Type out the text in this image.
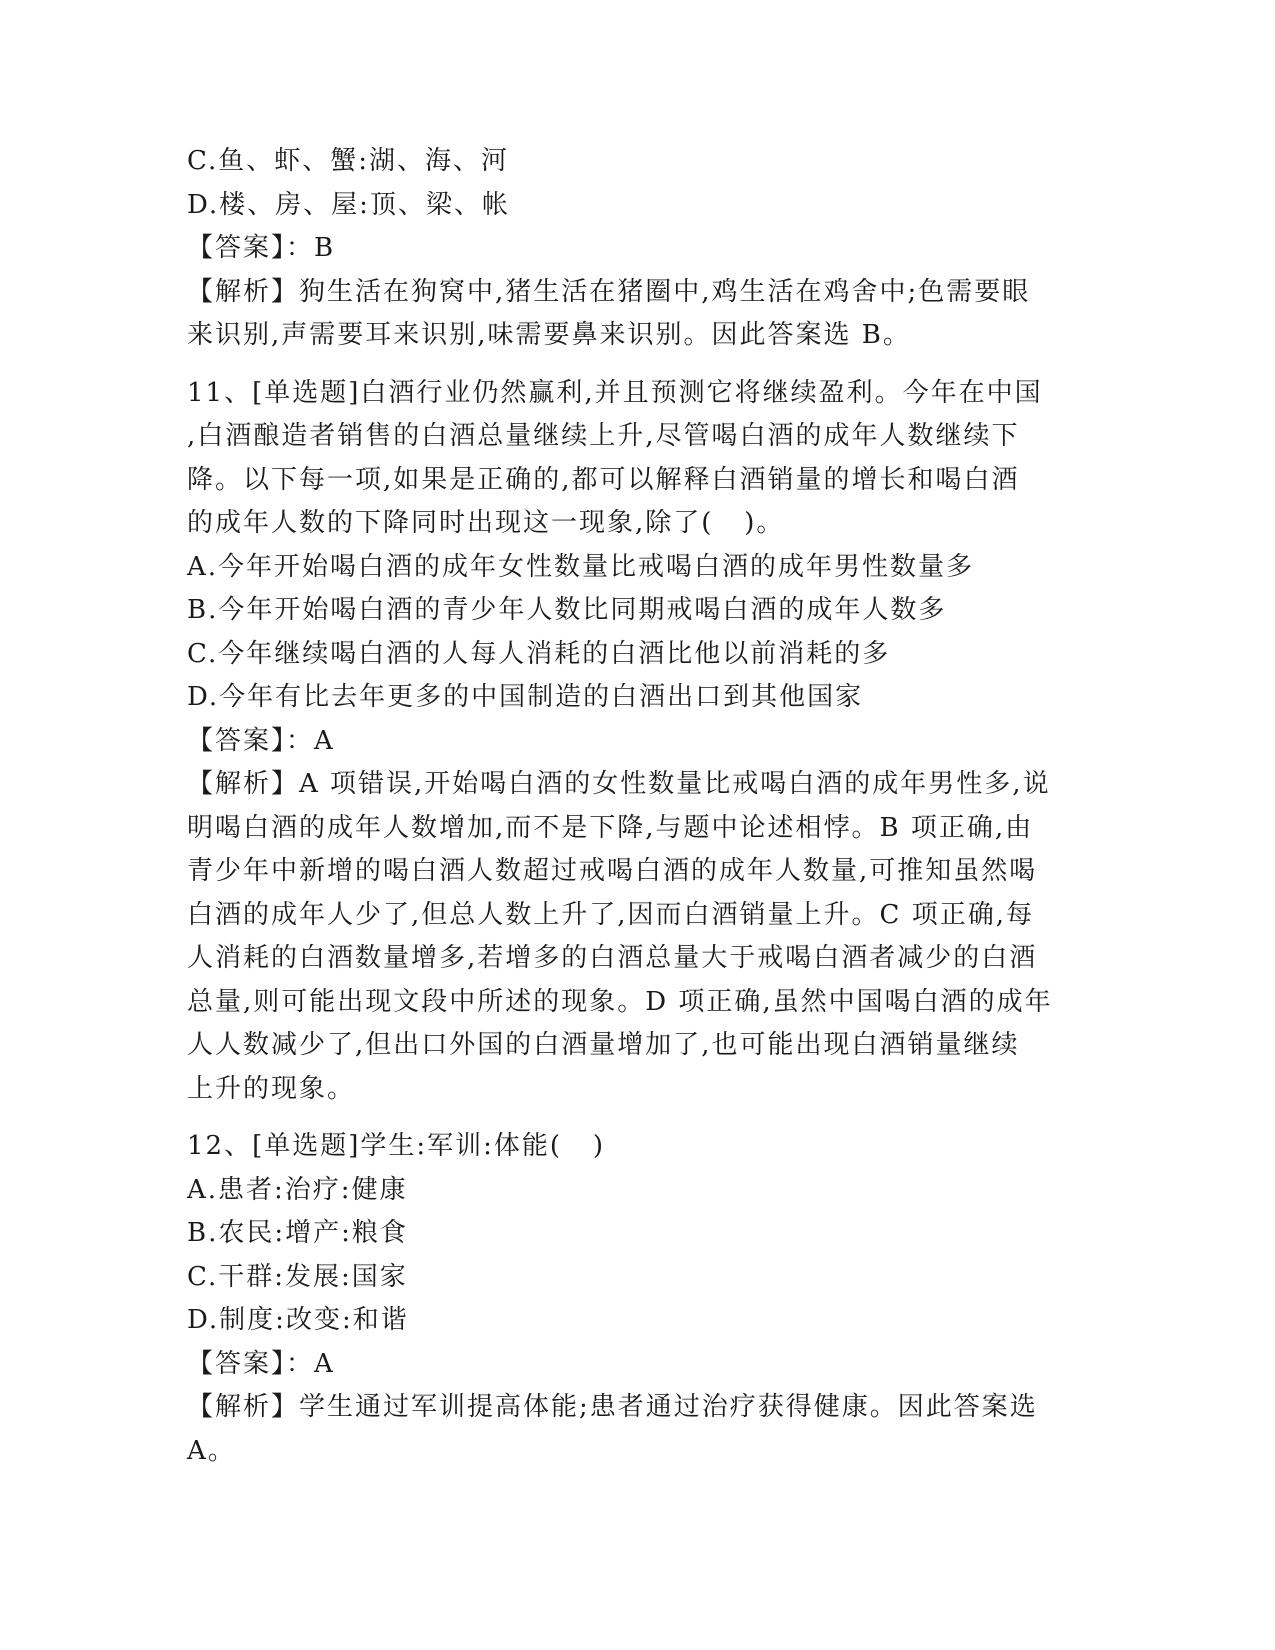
C.鱼、虾、蟹:湖、海、河

D.楼、房、屋:顶、梁、帐

【答案】：B

【解析】狗生活在狗窝中,猪生活在猪圈中,鸡生活在鸡舍中;色需要眼

来识别,声需要耳来识别,味需要鼻来识别。因此答案选 B。

11、[单选题]白酒行业仍然赢利,并且预测它将继续盈利。今年在中国

,白酒酿造者销售的白酒总量继续上升,尽管喝白酒的成年人数继续下

降。以下每一项,如果是正确的,都可以解释白酒销量的增长和喝白酒

的成年人数的下降同时出现这一现象,除了(   )。

A.今年开始喝白酒的成年女性数量比戒喝白酒的成年男性数量多

B.今年开始喝白酒的青少年人数比同期戒喝白酒的成年人数多

C.今年继续喝白酒的人每人消耗的白酒比他以前消耗的多

D.今年有比去年更多的中国制造的白酒出口到其他国家

【答案】：A

【解析】A 项错误,开始喝白酒的女性数量比戒喝白酒的成年男性多,说

明喝白酒的成年人数增加,而不是下降,与题中论述相悖。B 项正确,由

青少年中新增的喝白酒人数超过戒喝白酒的成年人数量,可推知虽然喝

白酒的成年人少了,但总人数上升了,因而白酒销量上升。C 项正确,每

人消耗的白酒数量增多,若增多的白酒总量大于戒喝白酒者减少的白酒

总量,则可能出现文段中所述的现象。D 项正确,虽然中国喝白酒的成年

人人数减少了,但出口外国的白酒量增加了,也可能出现白酒销量继续

上升的现象。

12、[单选题]学生:军训:体能(   )

A.患者:治疗:健康

B.农民:增产:粮食

C.干群:发展:国家

D.制度:改变:和谐

【答案】：A

【解析】学生通过军训提高体能;患者通过治疗获得健康。因此答案选

A。
